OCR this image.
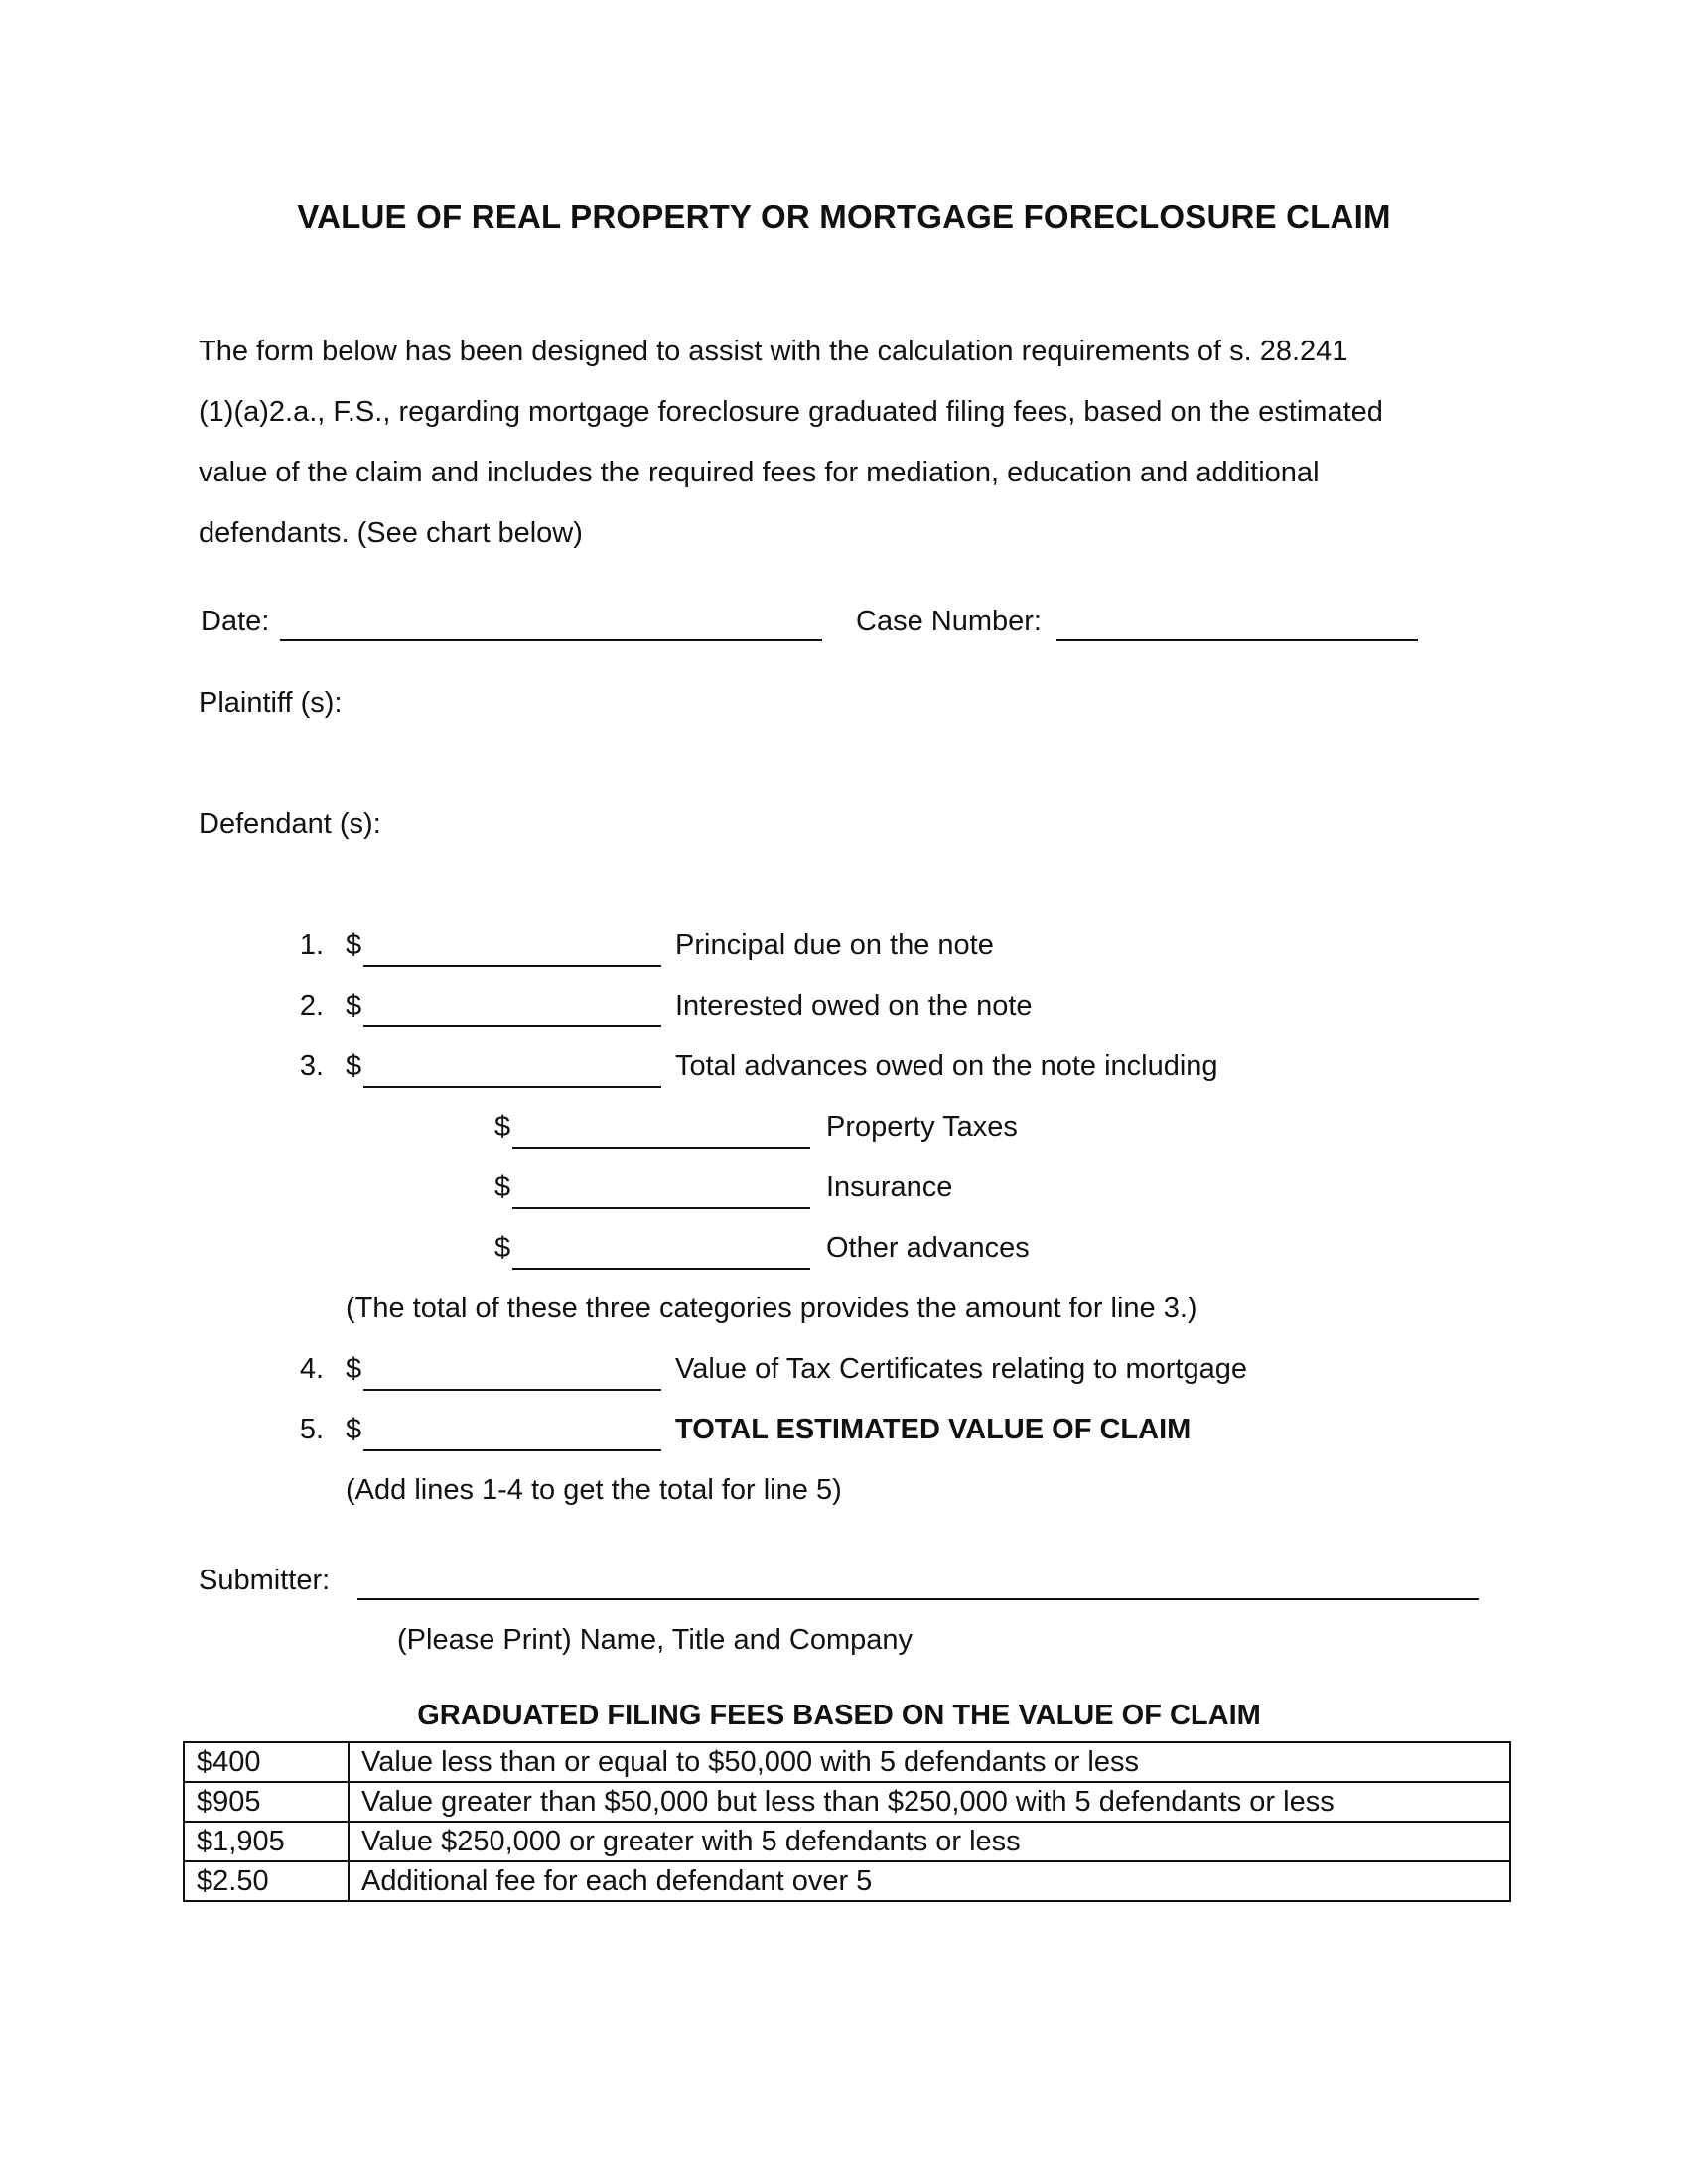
VALUE OF REAL PROPERTY OR MORTGAGE FORECLOSURE CLAIM

The form below has been designed to assist with the calculation requirements of s. 28.241

(1)(a)2.a., F.S., regarding mortgage foreclosure graduated filing fees, based on the estimated

value of the claim and includes the required fees for mediation, education and additional

defendants. (See chart below)

Date:	Case Number:
Plaintiff (s):
Defendant (s):
1. $	Principal due on the note
2. $	Interested owed on the note
3. $	Total advances owed on the note including
$	Property Taxes
$	Insurance
$	Other advances
(The total of these three categories provides the amount for line 3.)
4. $	Value of Tax Certificates relating to mortgage
5. $	TOTAL ESTIMATED VALUE OF CLAIM
(Add lines 1-4 to get the total for line 5)
Submitter:
(Please Print) Name, Title and Company
GRADUATED FILING FEES BASED ON THE VALUE OF CLAIM
$400	Value less than or equal to $50,000 with 5 defendants or less
$905	Value greater than $50,000 but less than $250,000 with 5 defendants or less
$1,905	Value $250,000 or greater with 5 defendants or less
$2.50	Additional fee for each defendant over 5
